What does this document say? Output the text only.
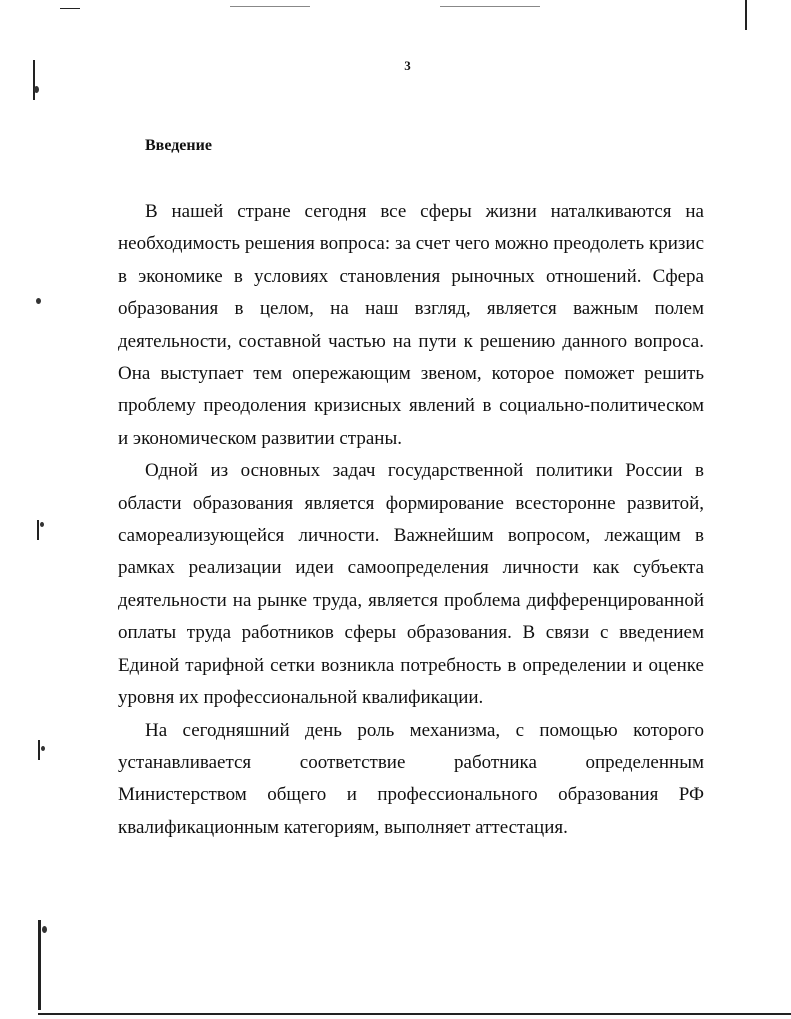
3
Введение

В нашей стране сегодня все сферы жизни наталкиваются на необходимость решения вопроса: за счет чего можно преодолеть кризис в экономике в условиях становления рыночных отношений. Сфера образования в целом, на наш взгляд, является важным полем деятельности, составной частью на пути к решению данного вопроса. Она выступает тем опережающим звеном, которое поможет решить проблему преодоления кризисных явлений в социально-политическом и экономическом развитии страны.

Одной из основных задач государственной политики России в области образования является формирование всесторонне развитой, самореализующейся личности. Важнейшим вопросом, лежащим в рамках реализации идеи самоопределения личности как субъекта деятельности на рынке труда, является проблема дифференцированной оплаты труда работников сферы образования. В связи с введением Единой тарифной сетки возникла потребность в определении и оценке уровня их профессиональной квалификации.

На сегодняшний день роль механизма, с помощью которого устанавливается соответствие работника определенным Министерством общего и профессионального образования РФ квалификационным категориям, выполняет аттестация.
